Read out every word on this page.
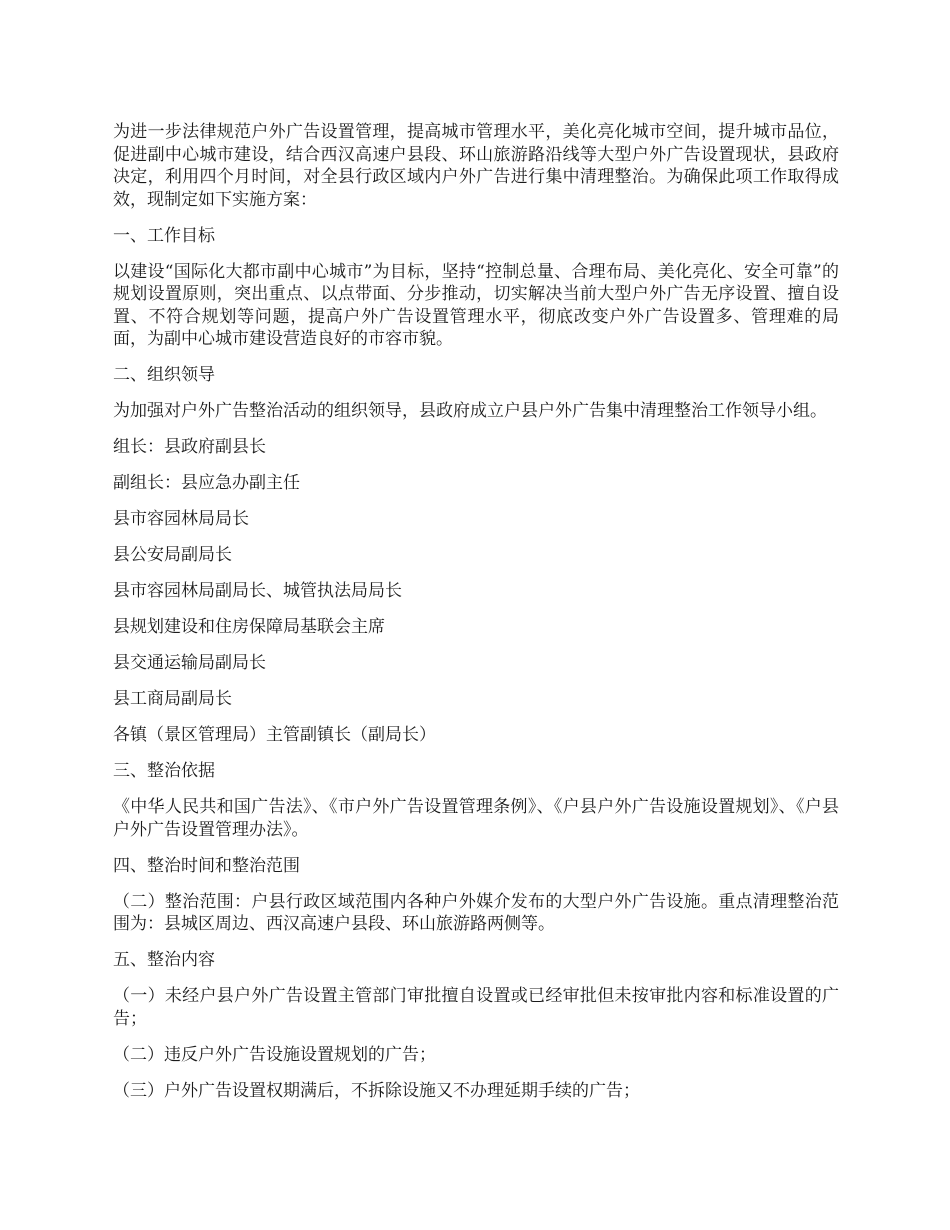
为进一步法律规范户外广告设置管理，提高城市管理水平，美化亮化城市空间，提升城市品位，促进副中心城市建设，结合西汉高速户县段、环山旅游路沿线等大型户外广告设置现状，县政府决定，利用四个月时间，对全县行政区域内户外广告进行集中清理整治。为确保此项工作取得成效，现制定如下实施方案：

一、工作目标

以建设“国际化大都市副中心城市”为目标，坚持“控制总量、合理布局、美化亮化、安全可靠”的规划设置原则，突出重点、以点带面、分步推动，切实解决当前大型户外广告无序设置、擅自设置、不符合规划等问题，提高户外广告设置管理水平，彻底改变户外广告设置多、管理难的局面，为副中心城市建设营造良好的市容市貌。

二、组织领导

为加强对户外广告整治活动的组织领导，县政府成立户县户外广告集中清理整治工作领导小组。

组长：县政府副县长

副组长：县应急办副主任

县市容园林局局长

县公安局副局长

县市容园林局副局长、城管执法局局长

县规划建设和住房保障局基联会主席

县交通运输局副局长

县工商局副局长

各镇（景区管理局）主管副镇长（副局长）

三、整治依据

《中华人民共和国广告法》、《市户外广告设置管理条例》、《户县户外广告设施设置规划》、《户县户外广告设置管理办法》。

四、整治时间和整治范围

（二）整治范围：户县行政区域范围内各种户外媒介发布的大型户外广告设施。重点清理整治范围为：县城区周边、西汉高速户县段、环山旅游路两侧等。

五、整治内容

（一）未经户县户外广告设置主管部门审批擅自设置或已经审批但未按审批内容和标准设置的广告；

（二）违反户外广告设施设置规划的广告；

（三）户外广告设置权期满后，不拆除设施又不办理延期手续的广告；
